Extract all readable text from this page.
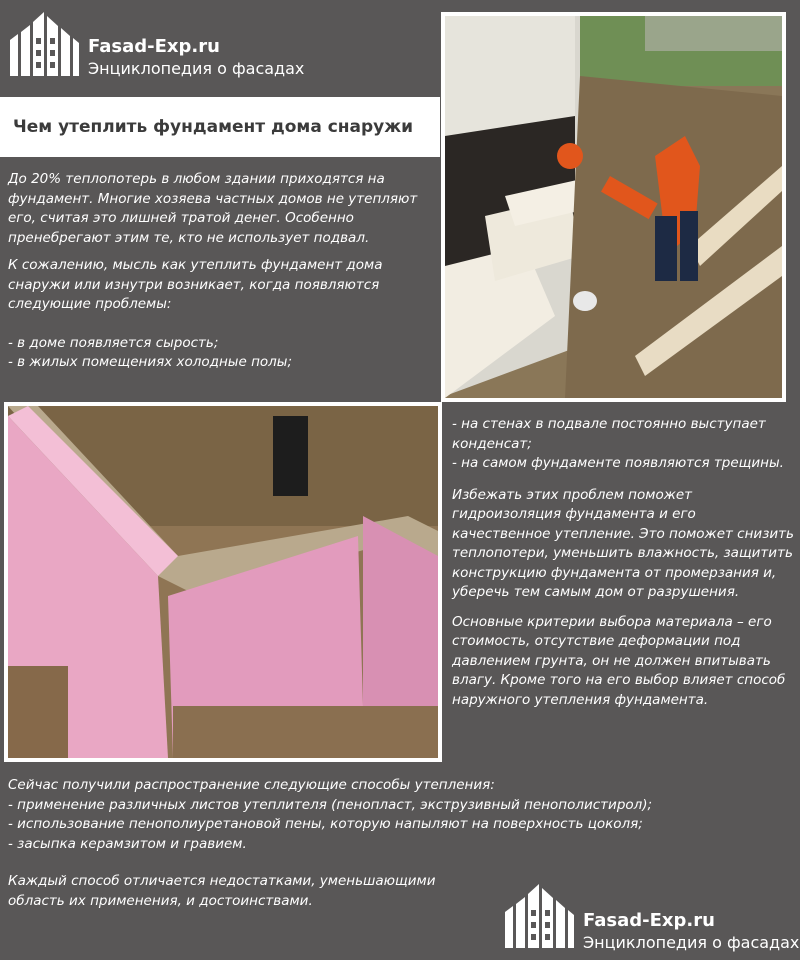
Fasad-Exp.ru
Энциклопедия о фасадах
Чем утеплить фундамент дома снаружи

До 20% теплопотерь в любом здании приходятся на фундамент. Многие хозяева частных домов не утепляют его, считая это лишней тратой денег. Особенно пренебрегают этим те, кто не использует подвал.

К сожалению, мысль как утеплить фундамент дома снаружи или изнутри возникает, когда появляются следующие проблемы:

- в доме появляется сырость;

- в жилых помещениях холодные полы;

- на стенах в подвале постоянно выступает конденсат;

- на самом фундаменте появляются трещины.

Избежать этих проблем поможет гидроизоляция фундамента и его качественное утепление. Это поможет снизить теплопотери, уменьшить влажность, защитить конструкцию фундамента от промерзания и, уберечь тем самым дом от разрушения.

Основные критерии выбора материала – его стоимость, отсутствие деформации под давлением грунта, он не должен впитывать влагу. Кроме того на его выбор влияет способ наружного утепления фундамента.

Сейчас получили распространение следующие способы утепления:

- применение различных листов утеплителя (пенопласт, экструзивный пенополистирол);

- использование пенополиуретановой пены, которую напыляют на поверхность цоколя;

- засыпка керамзитом и гравием.

Каждый способ отличается недостатками, уменьшающими область их применения, и достоинствами.

Fasad-Exp.ru
Энциклопедия о фасадах
